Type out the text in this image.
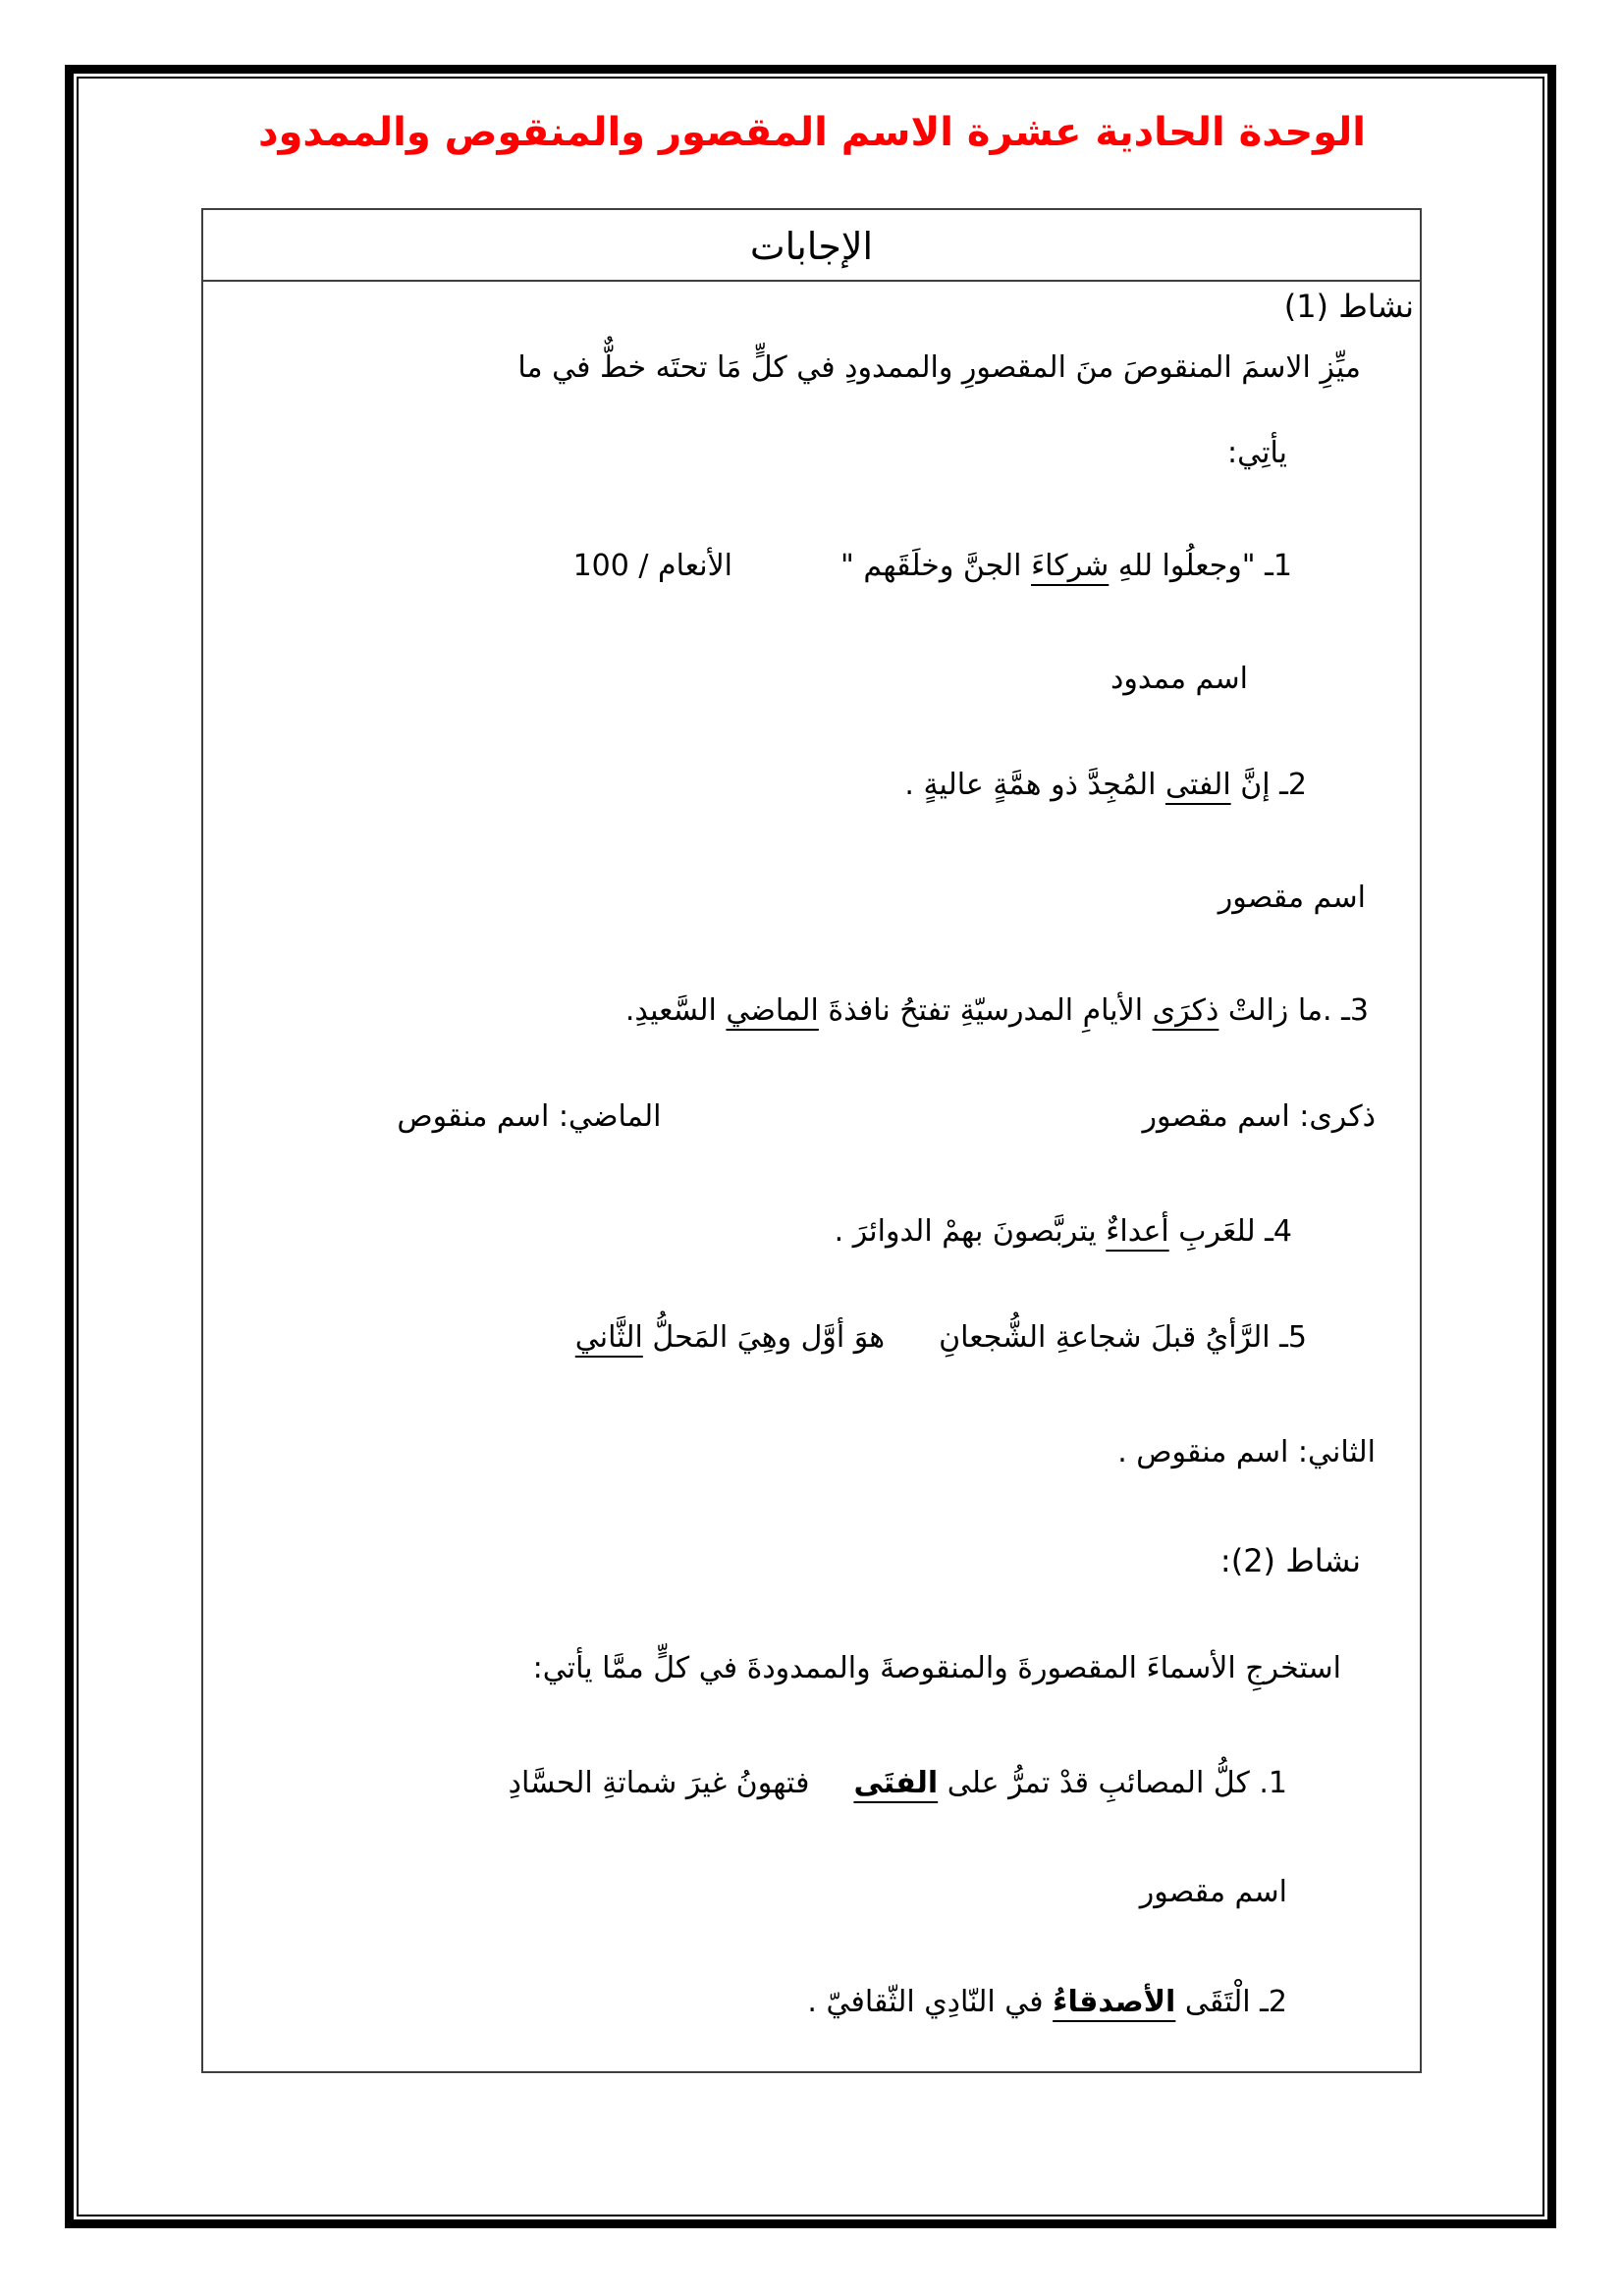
الوحدة الحادية عشرة الاسم المقصور والمنقوص والممدود
الإجابات
نشاط (1)
ميِّزِ الاسمَ المنقوصَ منَ المقصورِ والممدودِ في كلٍّ مَا تحتَه خطٌّ في ما
يأتِي:
1ـ "وجعلُوا للهِ شركاءَ الجنَّ وخلَقَهم "الأنعام / 100
اسم ممدود
2ـ إنَّ الفتى المُجِدَّ ذو همَّةٍ عاليةٍ .
اسم مقصور
3ـ .ما زالتْ ذكرَى الأيامِ المدرسيّةِ تفتحُ نافذةَ الماضي السَّعيدِ.
ذكرى: اسم مقصورالماضي: اسم منقوص
4ـ للعَربِ أعداءٌ يتربَّصونَ بهمْ الدوائرَ .
5ـ الرَّأيُ قبلَ شجاعةِ الشُّجعانِهوَ أوَّل وهِيَ المَحلُّ الثَّاني
الثاني: اسم منقوص .
نشاط (2):
استخرجِ الأسماءَ المقصورةَ والمنقوصةَ والممدودةَ في كلٍّ ممَّا يأتي:
1. كلُّ المصائبِ قدْ تمرُّ على الفتَىفتهونُ غيرَ شماتةِ الحسَّادِ
اسم مقصور
2ـ الْتَقَى الأصدقاءُ في النّادِي الثّقافيّ .
